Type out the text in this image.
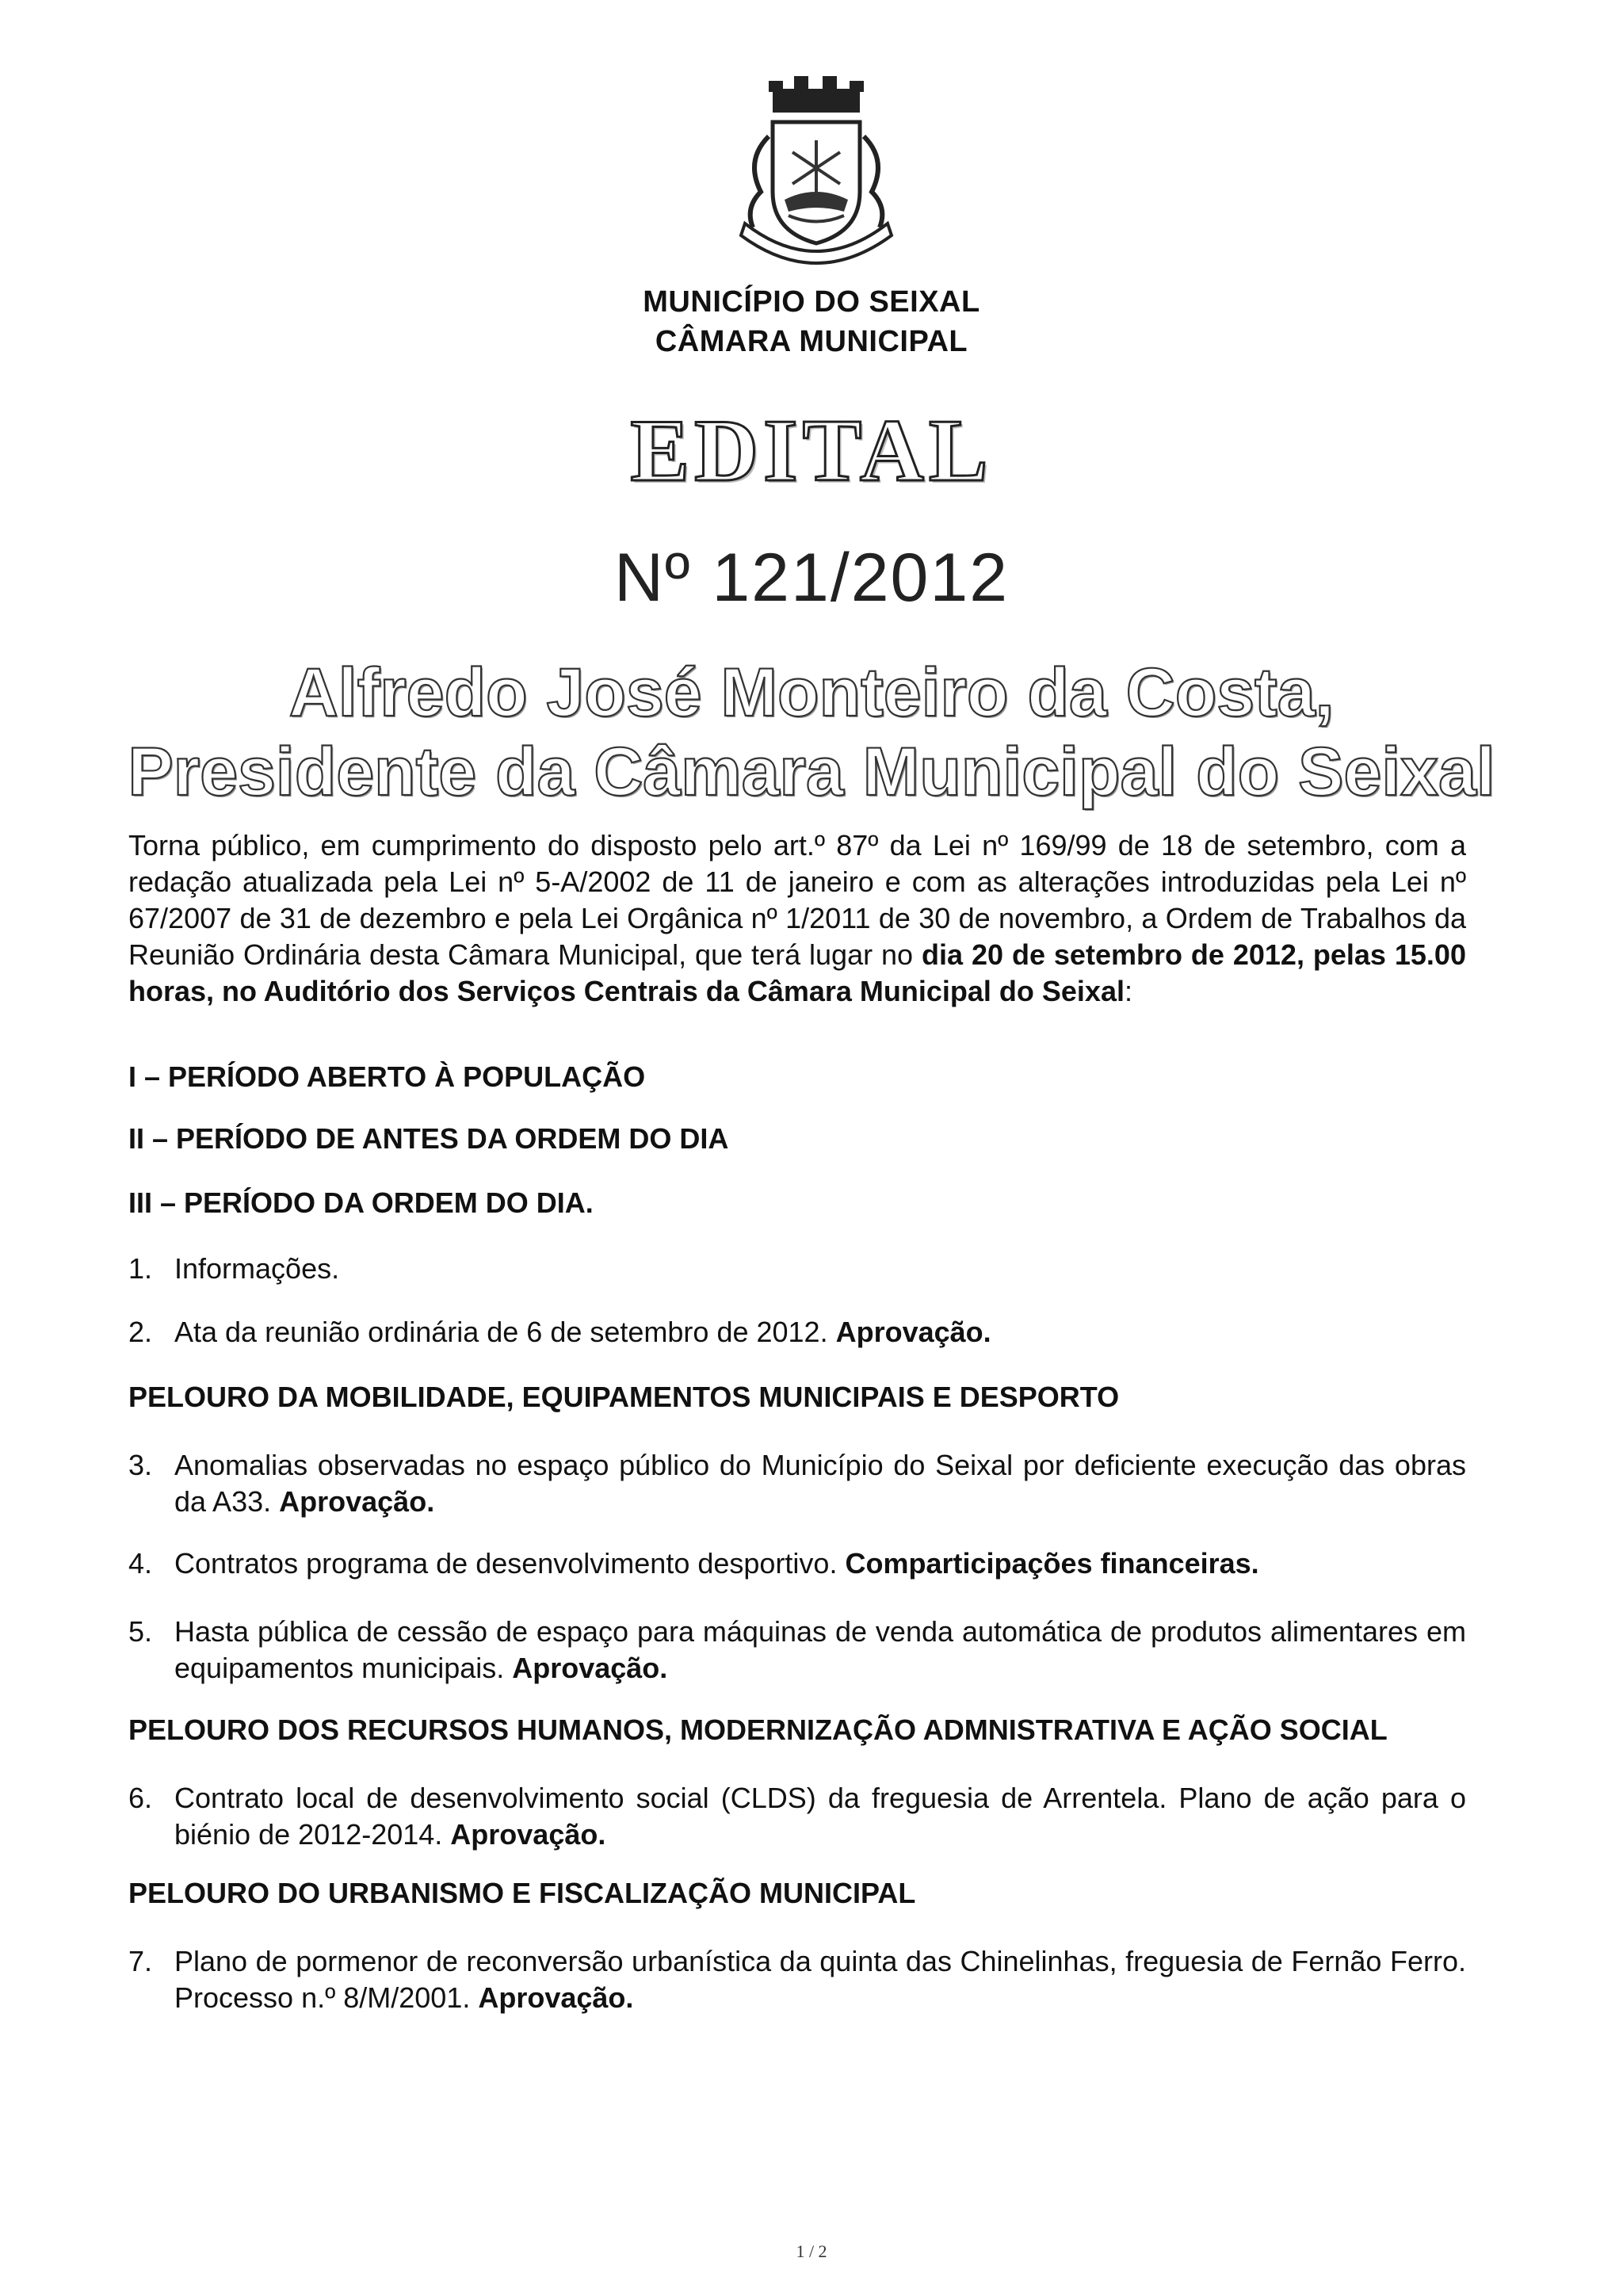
MUNICÍPIO DO SEIXAL
CÂMARA MUNICIPAL
EDITAL
Nº 121/2012
Alfredo José Monteiro da Costa,
Presidente da Câmara Municipal do Seixal
Torna público, em cumprimento do disposto pelo art.º 87º da Lei nº 169/99 de 18 de setembro, com a redação atualizada pela Lei nº 5-A/2002 de 11 de janeiro e com as alterações introduzidas pela Lei nº 67/2007 de 31 de dezembro e pela Lei Orgânica nº 1/2011 de 30 de novembro, a Ordem de Trabalhos da Reunião Ordinária desta Câmara Municipal, que terá lugar no dia 20 de setembro de 2012, pelas 15.00 horas, no Auditório dos Serviços Centrais da Câmara Municipal do Seixal:
I – PERÍODO ABERTO À POPULAÇÃO
II – PERÍODO DE ANTES DA ORDEM DO DIA
III – PERÍODO DA ORDEM DO DIA.
1. Informações.
2. Ata da reunião ordinária de 6 de setembro de 2012. Aprovação.
PELOURO DA MOBILIDADE, EQUIPAMENTOS MUNICIPAIS E DESPORTO
3. Anomalias observadas no espaço público do Município do Seixal por deficiente execução das obras da A33. Aprovação.
4. Contratos programa de desenvolvimento desportivo. Comparticipações financeiras.
5. Hasta pública de cessão de espaço para máquinas de venda automática de produtos alimentares em equipamentos municipais. Aprovação.
PELOURO DOS RECURSOS HUMANOS, MODERNIZAÇÃO ADMNISTRATIVA E AÇÃO SOCIAL
6. Contrato local de desenvolvimento social (CLDS) da freguesia de Arrentela. Plano de ação para o biénio de 2012-2014. Aprovação.
PELOURO DO URBANISMO E FISCALIZAÇÃO MUNICIPAL
7. Plano de pormenor de reconversão urbanística da quinta das Chinelinhas, freguesia de Fernão Ferro. Processo n.º 8/M/2001. Aprovação.
1 / 2
